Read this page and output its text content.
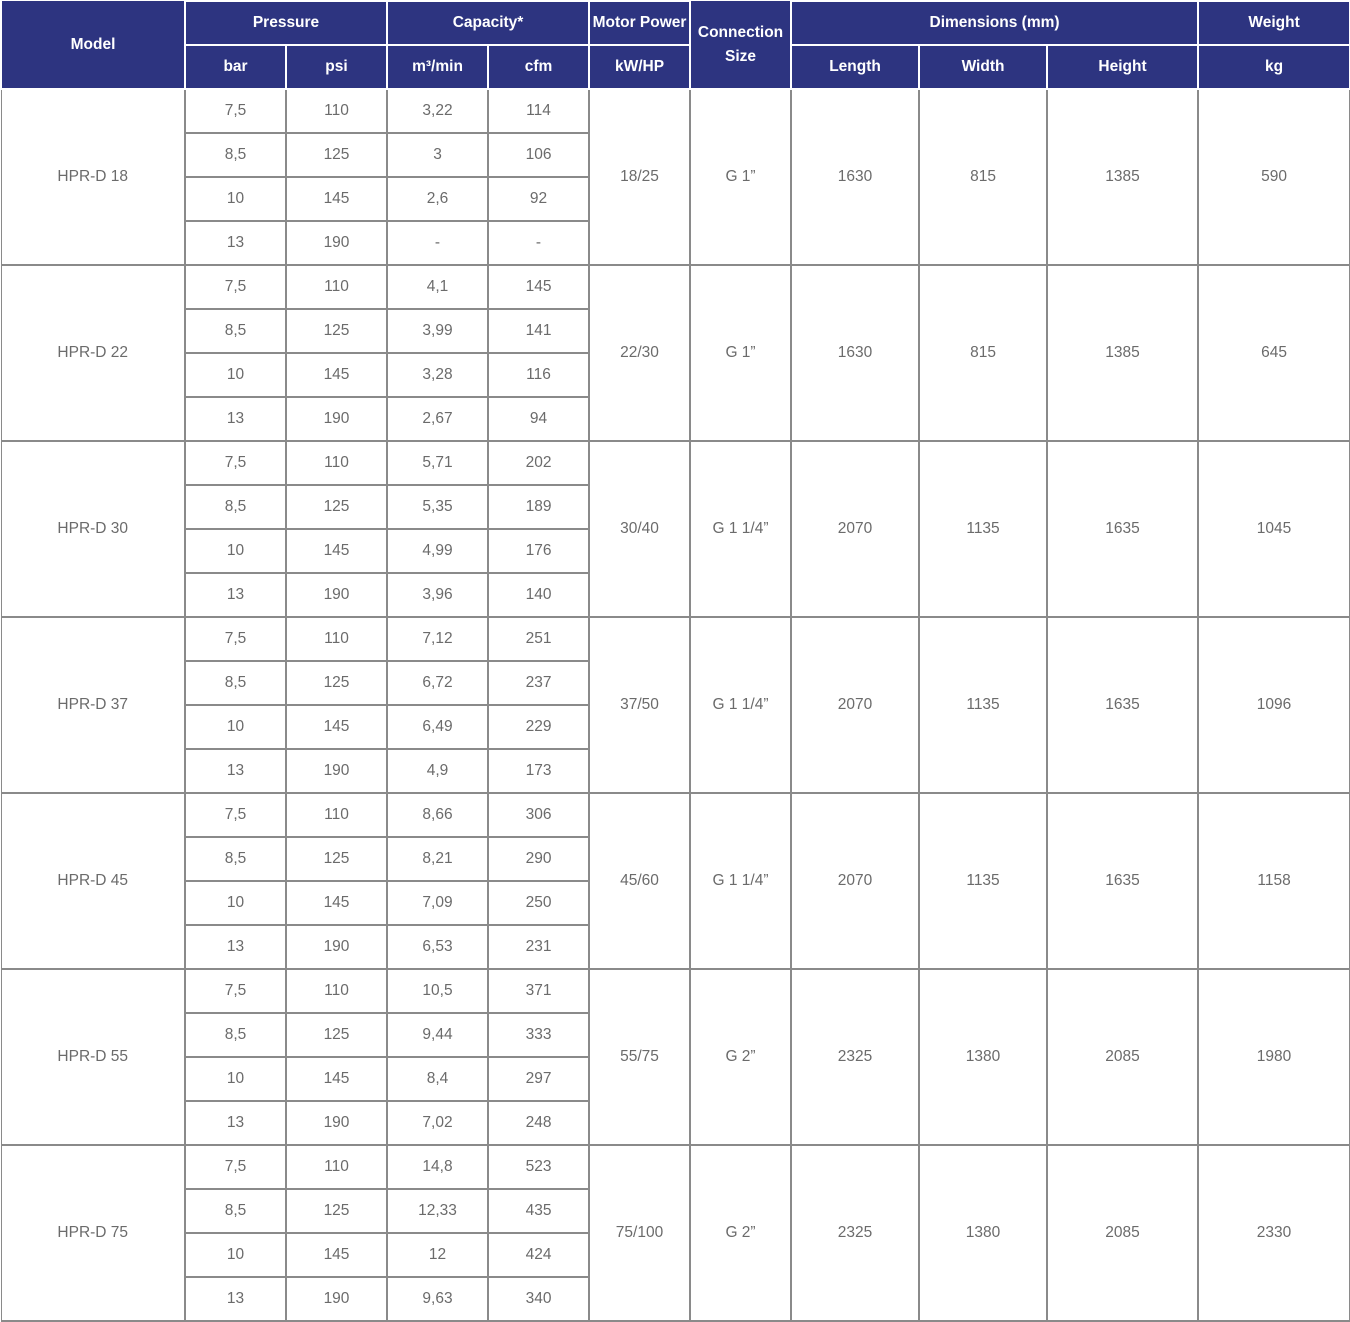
Model	Pressure		Capacity*		Motor Power	Connection Size	Dimensions (mm)			Weight
	bar	psi	m³/min	cfm	kW/HP		Length	Width	Height	kg
HPR-D 18	7,5	110	3,22	114	18/25	G 1”	1630	815	1385	590
	8,5	125	3	106						
	10	145	2,6	92						
	13	190	-	-						
HPR-D 22	7,5	110	4,1	145	22/30	G 1”	1630	815	1385	645
	8,5	125	3,99	141						
	10	145	3,28	116						
	13	190	2,67	94						
HPR-D 30	7,5	110	5,71	202	30/40	G 1 1/4”	2070	1135	1635	1045
	8,5	125	5,35	189						
	10	145	4,99	176						
	13	190	3,96	140						
HPR-D 37	7,5	110	7,12	251	37/50	G 1 1/4”	2070	1135	1635	1096
	8,5	125	6,72	237						
	10	145	6,49	229						
	13	190	4,9	173						
HPR-D 45	7,5	110	8,66	306	45/60	G 1 1/4”	2070	1135	1635	1158
	8,5	125	8,21	290						
	10	145	7,09	250						
	13	190	6,53	231						
HPR-D 55	7,5	110	10,5	371	55/75	G 2”	2325	1380	2085	1980
	8,5	125	9,44	333						
	10	145	8,4	297						
	13	190	7,02	248						
HPR-D 75	7,5	110	14,8	523	75/100	G 2”	2325	1380	2085	2330
	8,5	125	12,33	435						
	10	145	12	424						
	13	190	9,63	340						
